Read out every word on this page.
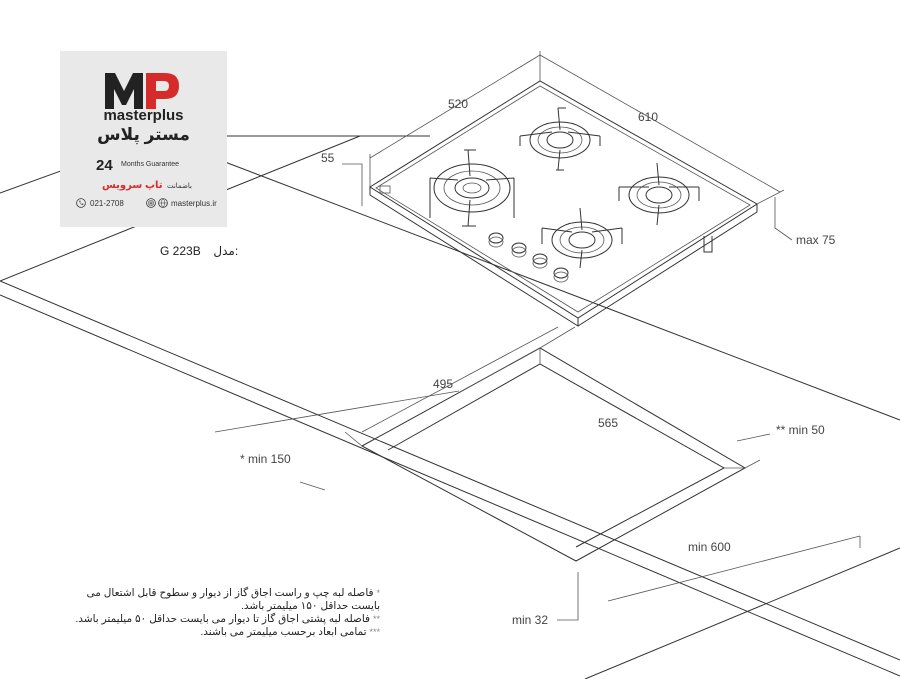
520
610
55
max 75
495
565
* min 150
** min 50
min 600
min 32
masterplus
مستر پلاس
24 Months Guarantee
باضمانت تاپ سرویس
021-2708	masterplus.ir
G 223B مدل:
* فاصله لبه چپ و راست اجاق گاز از دیوار و سطوح قابل اشتعال می بایست حداقل ۱۵۰ میلیمتر باشد.
** فاصله لبه پشتی اجاق گاز تا دیوار می بایست حداقل ۵۰ میلیمتر باشد.
*** تمامی ابعاد برحسب میلیمتر می باشند.
